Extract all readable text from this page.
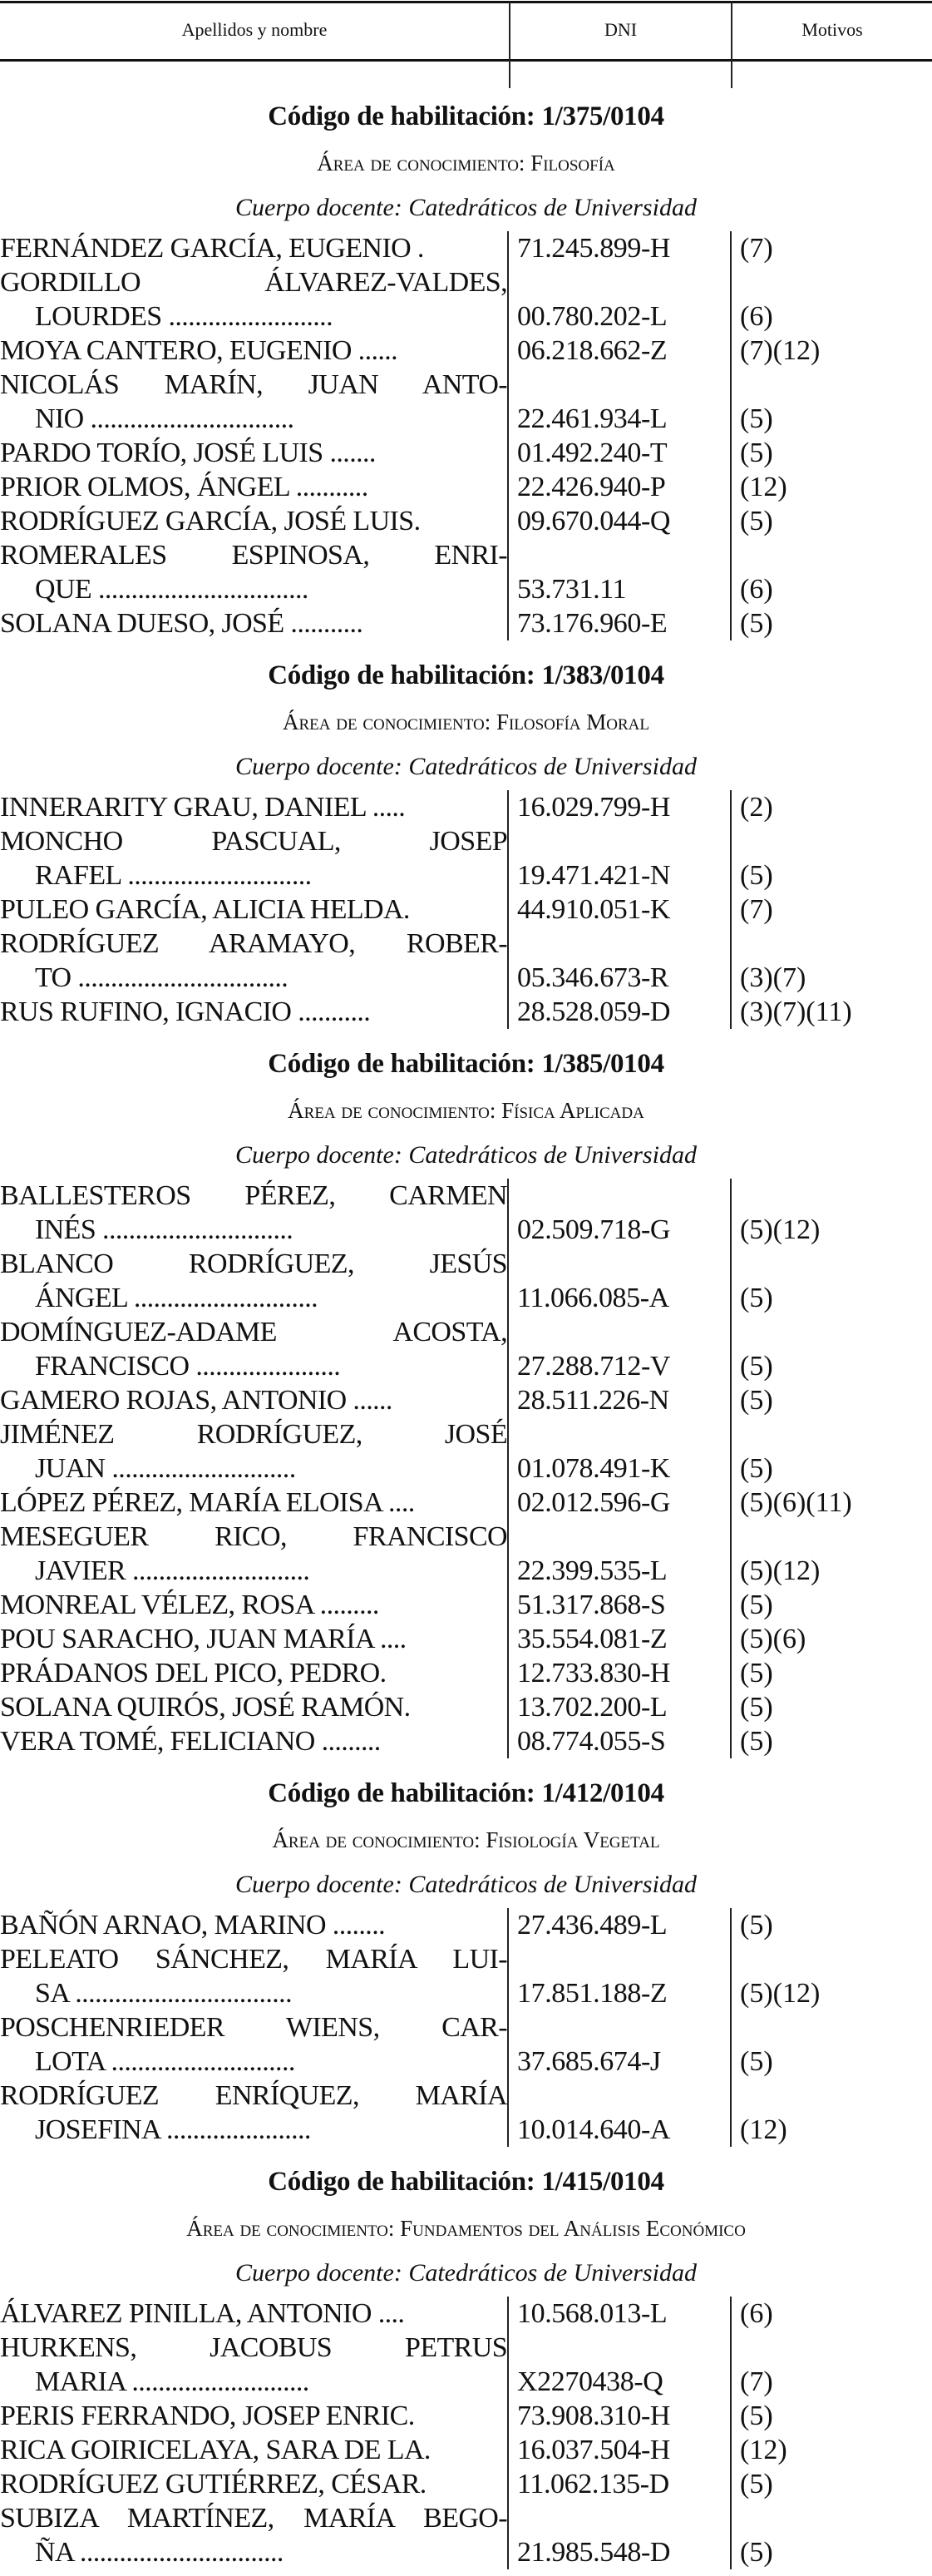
Apellidos y nombre	DNI	Motivos
Código de habilitación: 1/375/0104
Área de conocimiento: Filosofía
Cuerpo docente: Catedráticos de Universidad
FERNÁNDEZ GARCÍA, EUGENIO .	71.245.899-H (7)
GORDILLO ÁLVAREZ-VALDES,
LOURDES .........................	00.780.202-L	(6)
MOYA CANTERO, EUGENIO ......	06.218.662-Z	(7)(12)
NICOLÁS MARÍN, JUAN ANTO-
NIO ...............................	22.461.934-L	(5)
PARDO TORÍO, JOSÉ LUIS .......	01.492.240-T	(5)
PRIOR OLMOS, ÁNGEL ...........	22.426.940-P	(12)
RODRÍGUEZ GARCÍA, JOSÉ LUIS.	09.670.044-Q (5)
ROMERALES ESPINOSA, ENRI-
QUE ................................	53.731.11	(6)
SOLANA DUESO, JOSÉ ...........	73.176.960-E	(5)
Código de habilitación: 1/383/0104
Área de conocimiento: Filosofía Moral
Cuerpo docente: Catedráticos de Universidad
INNERARITY GRAU, DANIEL .....	16.029.799-H (2)
MONCHO PASCUAL, JOSEP
RAFEL ............................	19.471.421-N (5)
PULEO GARCÍA, ALICIA HELDA.	44.910.051-K (7)
RODRÍGUEZ ARAMAYO, ROBER-
TO ................................	05.346.673-R	(3)(7)
RUS RUFINO, IGNACIO ...........	28.528.059-D (3)(7)(11)
Código de habilitación: 1/385/0104
Área de conocimiento: Física Aplicada
Cuerpo docente: Catedráticos de Universidad
BALLESTEROS PÉREZ, CARMEN
INÉS .............................	02.509.718-G (5)(12)
BLANCO RODRÍGUEZ, JESÚS
ÁNGEL ............................	11.066.085-A	(5)
DOMÍNGUEZ-ADAME ACOSTA,
FRANCISCO ......................	27.288.712-V (5)
GAMERO ROJAS, ANTONIO ......	28.511.226-N	(5)
JIMÉNEZ RODRÍGUEZ, JOSÉ
JUAN ............................	01.078.491-K (5)
LÓPEZ PÉREZ, MARÍA ELOISA ....	02.012.596-G (5)(6)(11)
MESEGUER RICO, FRANCISCO
JAVIER ...........................	22.399.535-L	(5)(12)
MONREAL VÉLEZ, ROSA .........	51.317.868-S	(5)
POU SARACHO, JUAN MARÍA ....	35.554.081-Z	(5)(6)
PRÁDANOS DEL PICO, PEDRO.	12.733.830-H (5)
SOLANA QUIRÓS, JOSÉ RAMÓN.	13.702.200-L	(5)
VERA TOMÉ, FELICIANO .........	08.774.055-S	(5)
Código de habilitación: 1/412/0104
Área de conocimiento: Fisiología Vegetal
Cuerpo docente: Catedráticos de Universidad
BAÑÓN ARNAO, MARINO ........	27.436.489-L	(5)
PELEATO SÁNCHEZ, MARÍA LUI-
SA .................................	17.851.188-Z	(5)(12)
POSCHENRIEDER WIENS, CAR-
LOTA ............................	37.685.674-J	(5)
RODRÍGUEZ ENRÍQUEZ, MARÍA
JOSEFINA ......................	10.014.640-A (12)
Código de habilitación: 1/415/0104
Área de conocimiento: Fundamentos del Análisis Económico
Cuerpo docente: Catedráticos de Universidad
ÁLVAREZ PINILLA, ANTONIO ....	10.568.013-L	(6)
HURKENS, JACOBUS PETRUS
MARIA ...........................	X2270438-Q	(7)
PERIS FERRANDO, JOSEP ENRIC.	73.908.310-H (5)
RICA GOIRICELAYA, SARA DE LA.	16.037.504-H (12)
RODRÍGUEZ GUTIÉRREZ, CÉSAR.	11.062.135-D	(5)
SUBIZA MARTÍNEZ, MARÍA BEGO-
ÑA ...............................	21.985.548-D (5)
